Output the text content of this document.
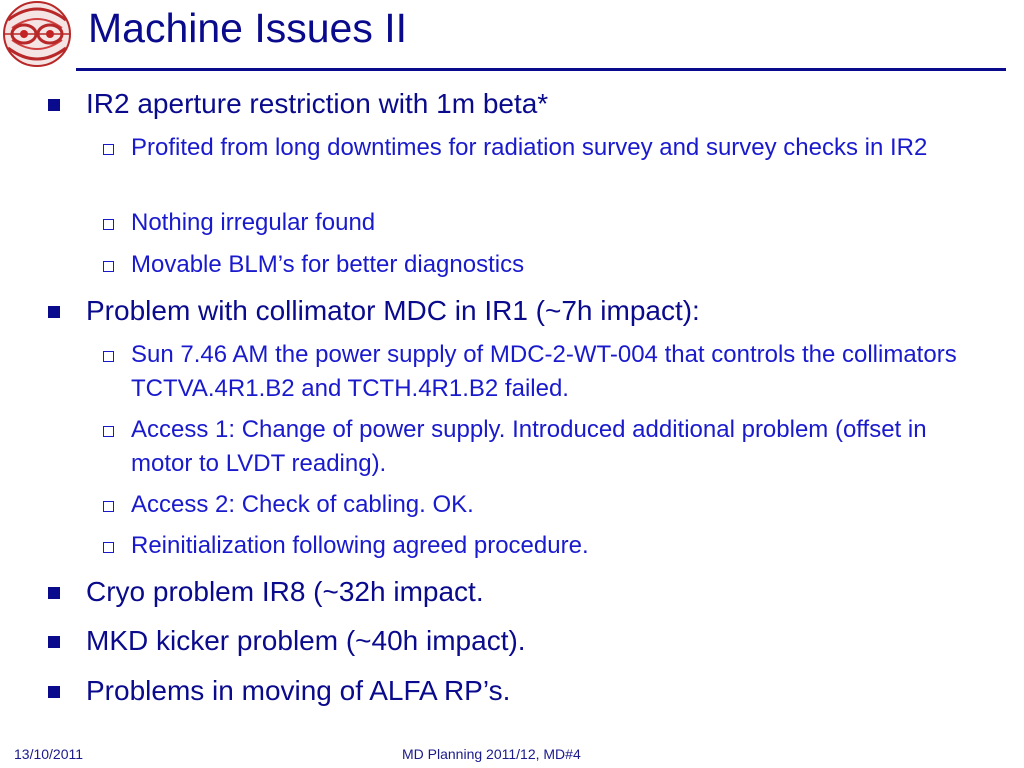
Machine Issues II
IR2 aperture restriction with 1m beta*
Profited from long downtimes for radiation survey and survey checks in IR2
Nothing irregular found
Movable BLM’s for better diagnostics
Problem with collimator MDC in IR1 (~7h impact):
Sun 7.46 AM the power supply of MDC-2-WT-004 that controls the collimators TCTVA.4R1.B2 and TCTH.4R1.B2 failed.
Access 1: Change of power supply. Introduced additional problem (offset in motor to LVDT reading).
Access 2: Check of cabling. OK.
Reinitialization following agreed procedure.
Cryo problem IR8 (~32h impact.
MKD kicker problem (~40h impact).
Problems in moving of ALFA RP’s.
13/10/2011	MD Planning 2011/12, MD#4
